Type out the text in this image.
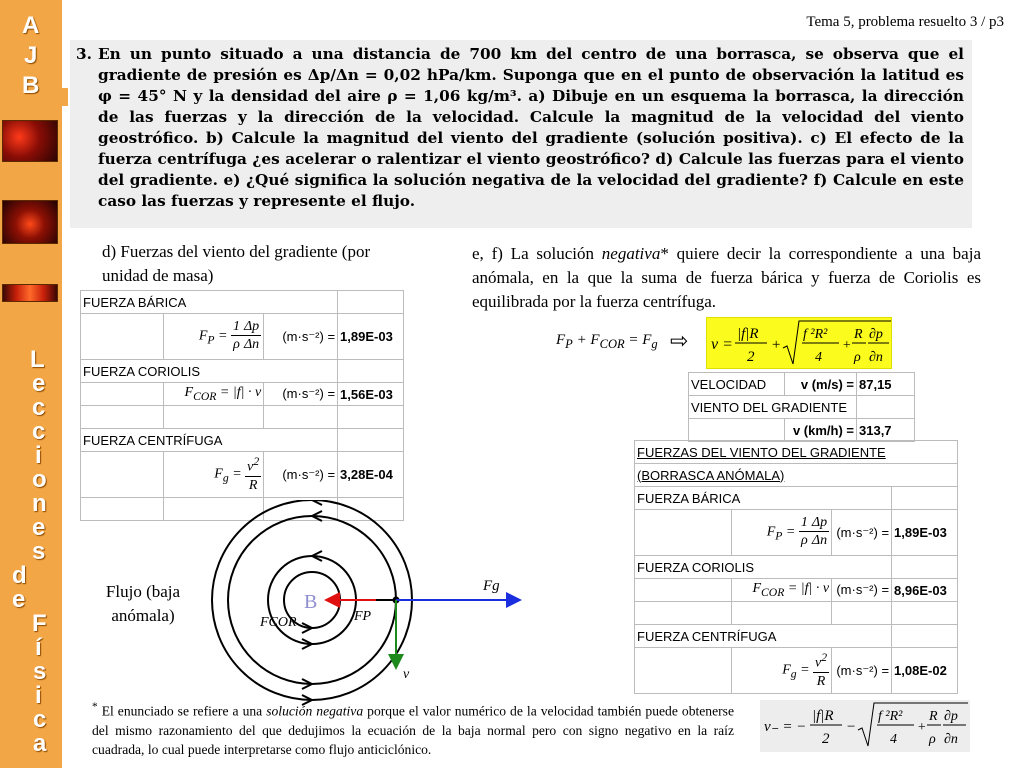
A
J
B
L
e
c
c
i
o
n
e
s
d
e
F
í
s
i
c
a
Tema 5, problema resuelto 3 / p3
3. En un punto situado a una distancia de 700 km del centro de una borrasca, se observa que el gradiente de presión es Δp/Δn = 0,02 hPa/km. Suponga que en el punto de observación la latitud es φ = 45° N y la densidad del aire ρ = 1,06 kg/m³. a) Dibuje en un esquema la borrasca, la dirección de las fuerzas y la dirección de la velocidad. Calcule la magnitud de la velocidad del viento geostrófico. b) Calcule la magnitud del viento del gradiente (solución positiva). c) El efecto de la fuerza centrífuga ¿es acelerar o ralentizar el viento geostrófico? d) Calcule las fuerzas para el viento del gradiente. e) ¿Qué significa la solución negativa de la velocidad del gradiente? f) Calcule en este caso las fuerzas y represente el flujo.
d) Fuerzas del viento del gradiente (por unidad de masa)
FUERZA BÁRICA			
	$F_P = \frac{1}{\rho} \frac{\Delta p}{\Delta n}$	(m·s⁻²) =	1,89E-03
FUERZA CORIOLIS			
	$F_{COR} = |f| \cdot v$	(m·s⁻²) =	1,56E-03

FUERZA CENTRÍFUGA			
	$F_g = \frac{v^2}{R}$	(m·s⁻²) =	3,28E-04

e, f) La solución negativa* quiere decir la correspondiente a una baja anómala, en la que la suma de fuerza bárica y fuerza de Coriolis es equilibrada por la fuerza centrífuga.
$F_P + F_{COR} = F_g$ ⇨ v =
|f|R
2
+
f ²R²
4
+
R
ρ
∂p
∂n
VELOCIDAD	v (m/s) =	87,15
VIENTO DEL GRADIENTE		
	v (km/h) =	313,7
FUERZAS DEL VIENTO DEL GRADIENTE			
(BORRASCA ANÓMALA)			
FUERZA BÁRICA			
	$F_P = \frac{1}{\rho} \frac{\Delta p}{\Delta n}$	(m·s⁻²) =	1,89E-03
FUERZA CORIOLIS			
	$F_{COR} = |f| \cdot v$	(m·s⁻²) =	8,96E-03

FUERZA CENTRÍFUGA			
	$F_g = \frac{v^2}{R}$	(m·s⁻²) =	1,08E-02
Flujo (baja anómala)
B
Fg
FCOR	FP
v
* El enunciado se refiere a una solución negativa porque el valor numérico de la velocidad también puede obtenerse del mismo razonamiento del que dedujimos la ecuación de la baja normal pero con signo negativo en la raíz cuadrada, lo cual puede interpretarse como flujo anticiclónico.
v₋ = −
|f|R
2
−
f ²R²
4
+
R
ρ
∂p
∂n
